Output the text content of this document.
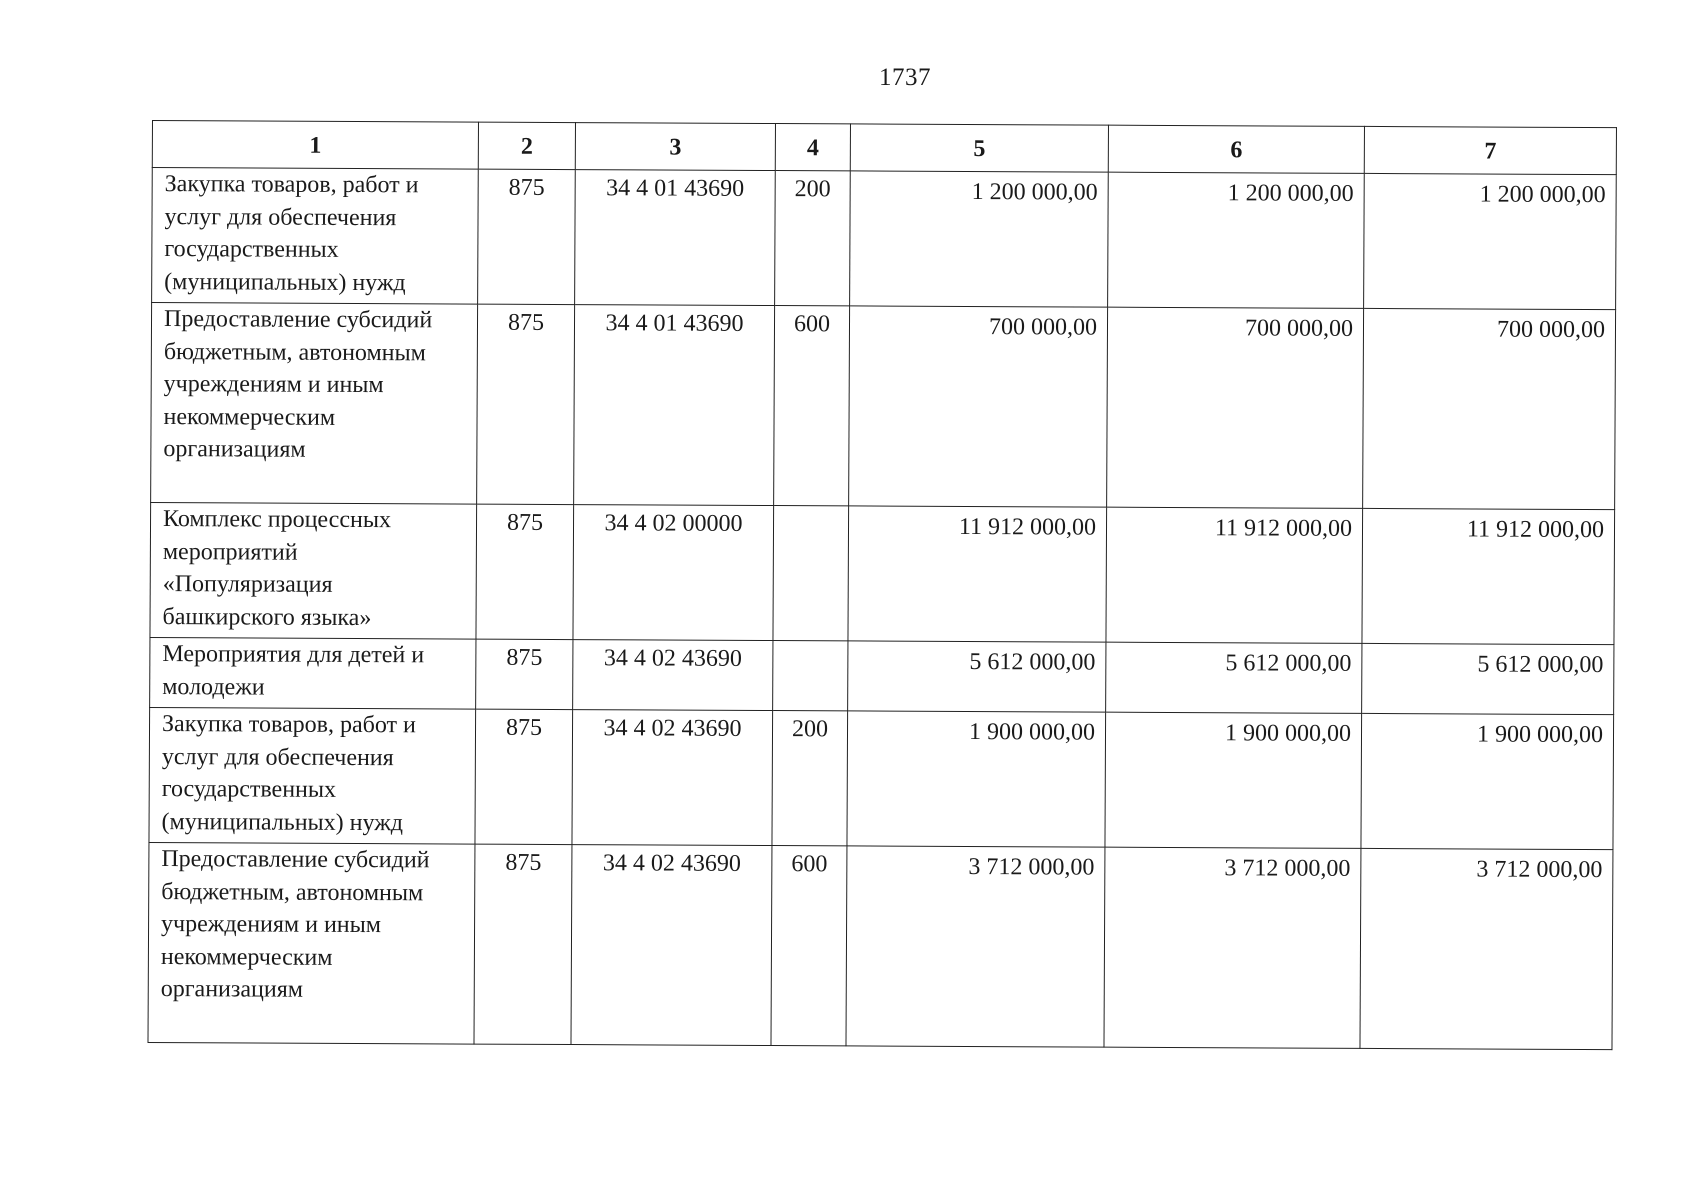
1737
1	2	3	4	5	6	7
Закупка товаров, работ и услуг для обеспечения государственных (муниципальных) нужд	875	34 4 01 43690	200	1 200 000,00	1 200 000,00	1 200 000,00
Предоставление субсидий бюджетным, автономным учреждениям и иным некоммерческим организациям	875	34 4 01 43690	600	700 000,00	700 000,00	700 000,00
Комплекс процессных мероприятий «Популяризация башкирского языка»	875	34 4 02 00000		11 912 000,00	11 912 000,00	11 912 000,00
Мероприятия для детей и молодежи	875	34 4 02 43690		5 612 000,00	5 612 000,00	5 612 000,00
Закупка товаров, работ и услуг для обеспечения государственных (муниципальных) нужд	875	34 4 02 43690	200	1 900 000,00	1 900 000,00	1 900 000,00
Предоставление субсидий бюджетным, автономным учреждениям и иным некоммерческим организациям	875	34 4 02 43690	600	3 712 000,00	3 712 000,00	3 712 000,00
